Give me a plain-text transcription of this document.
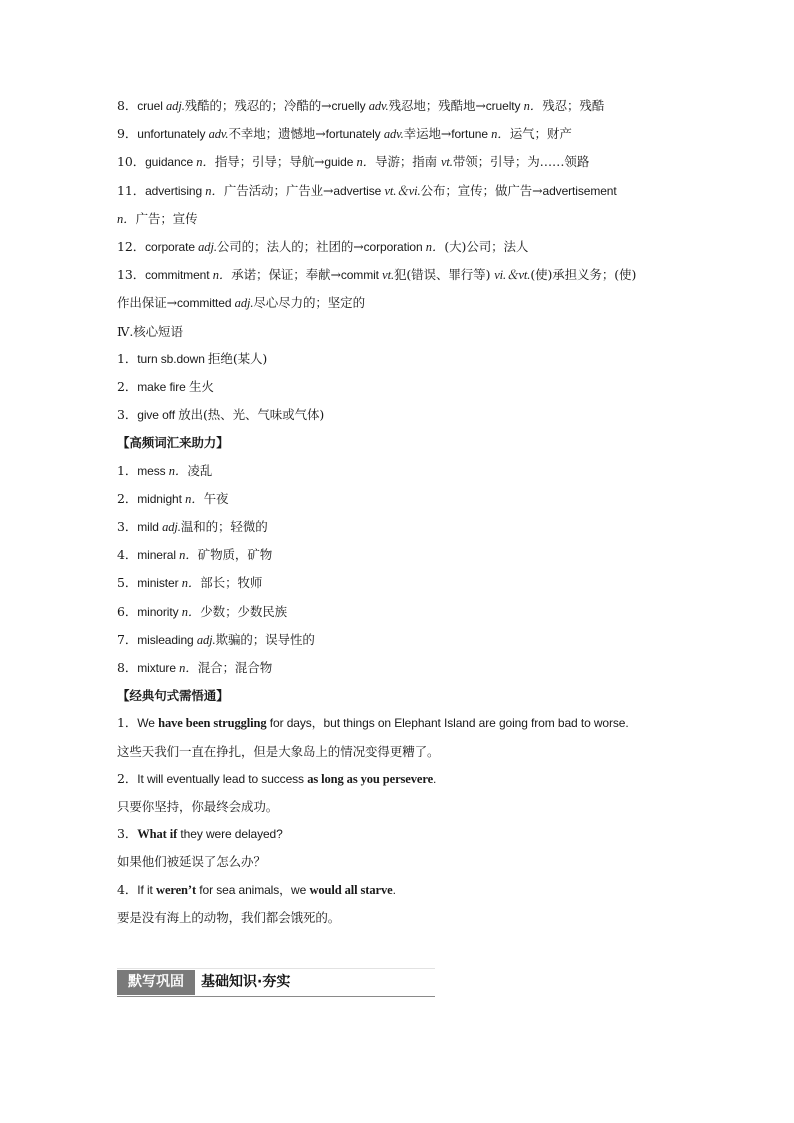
8．cruel adj.残酷的；残忍的；冷酷的→cruelly adv.残忍地；残酷地→cruelty n．残忍；残酷
9．unfortunately adv.不幸地；遗憾地→fortunately adv.幸运地→fortune n．运气；财产
10．guidance n．指导；引导；导航→guide n．导游；指南 vt.带领；引导；为……领路
11．advertising n．广告活动；广告业→advertise vt.＆vi.公布；宣传；做广告→advertisement
n．广告；宣传
12．corporate adj.公司的；法人的；社团的→corporation n．(大)公司；法人
13．commitment n．承诺；保证；奉献→commit vt.犯(错误、罪行等) vi.＆vt.(使)承担义务；(使)
作出保证→committed adj.尽心尽力的；坚定的
Ⅳ.核心短语
1．turn sb.down 拒绝(某人)
2．make fire 生火
3．give off 放出(热、光、气味或气体)
【高频词汇来助力】
1．mess n．凌乱
2．midnight n．午夜
3．mild adj.温和的；轻微的
4．mineral n．矿物质，矿物
5．minister n．部长；牧师
6．minority n．少数；少数民族
7．misleading adj.欺骗的；误导性的
8．mixture n．混合；混合物
【经典句式需悟通】
1．We have been struggling for days，but things on Elephant Island are going from bad to worse.
这些天我们一直在挣扎，但是大象岛上的情况变得更糟了。
2．It will eventually lead to success as long as you persevere.
只要你坚持，你最终会成功。
3．What if they were delayed?
如果他们被延误了怎么办？
4．If it weren’t for sea animals，we would all starve.
要是没有海上的动物，我们都会饿死的。
默写巩固	基础知识·夯实
